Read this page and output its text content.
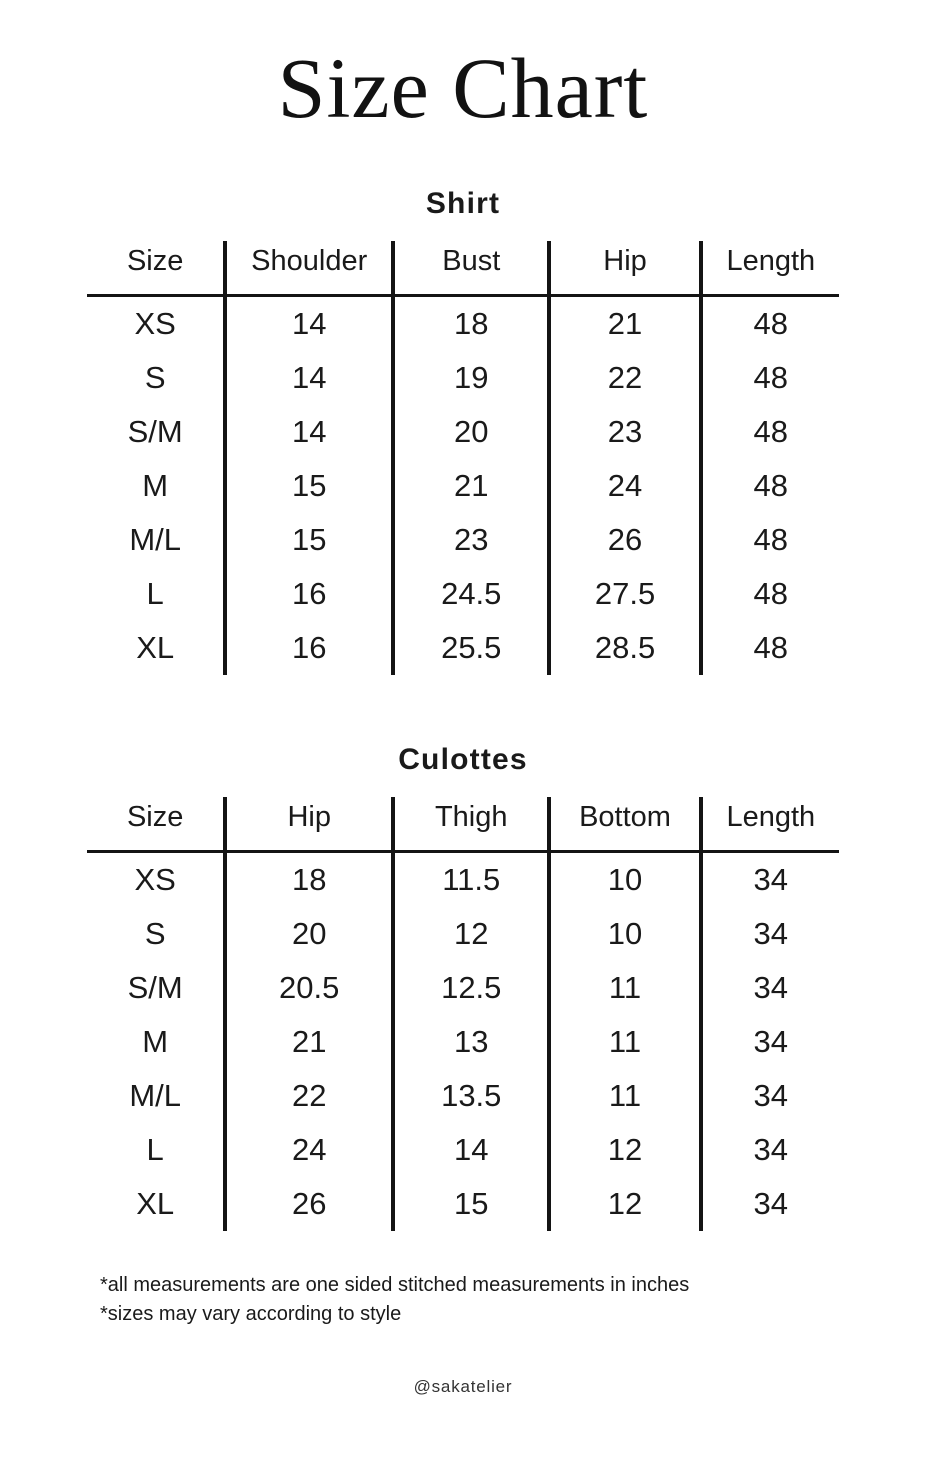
Size Chart
Shirt
Size	Shoulder	Bust	Hip	Length
XS	14	18	21	48
S	14	19	22	48
S/M	14	20	23	48
M	15	21	24	48
M/L	15	23	26	48
L	16	24.5	27.5	48
XL	16	25.5	28.5	48
Culottes
Size	Hip	Thigh	Bottom	Length
XS	18	11.5	10	34
S	20	12	10	34
S/M	20.5	12.5	11	34
M	21	13	11	34
M/L	22	13.5	11	34
L	24	14	12	34
XL	26	15	12	34
*all measurements are one sided stitched measurements in inches
*sizes may vary according to style
@sakatelier
